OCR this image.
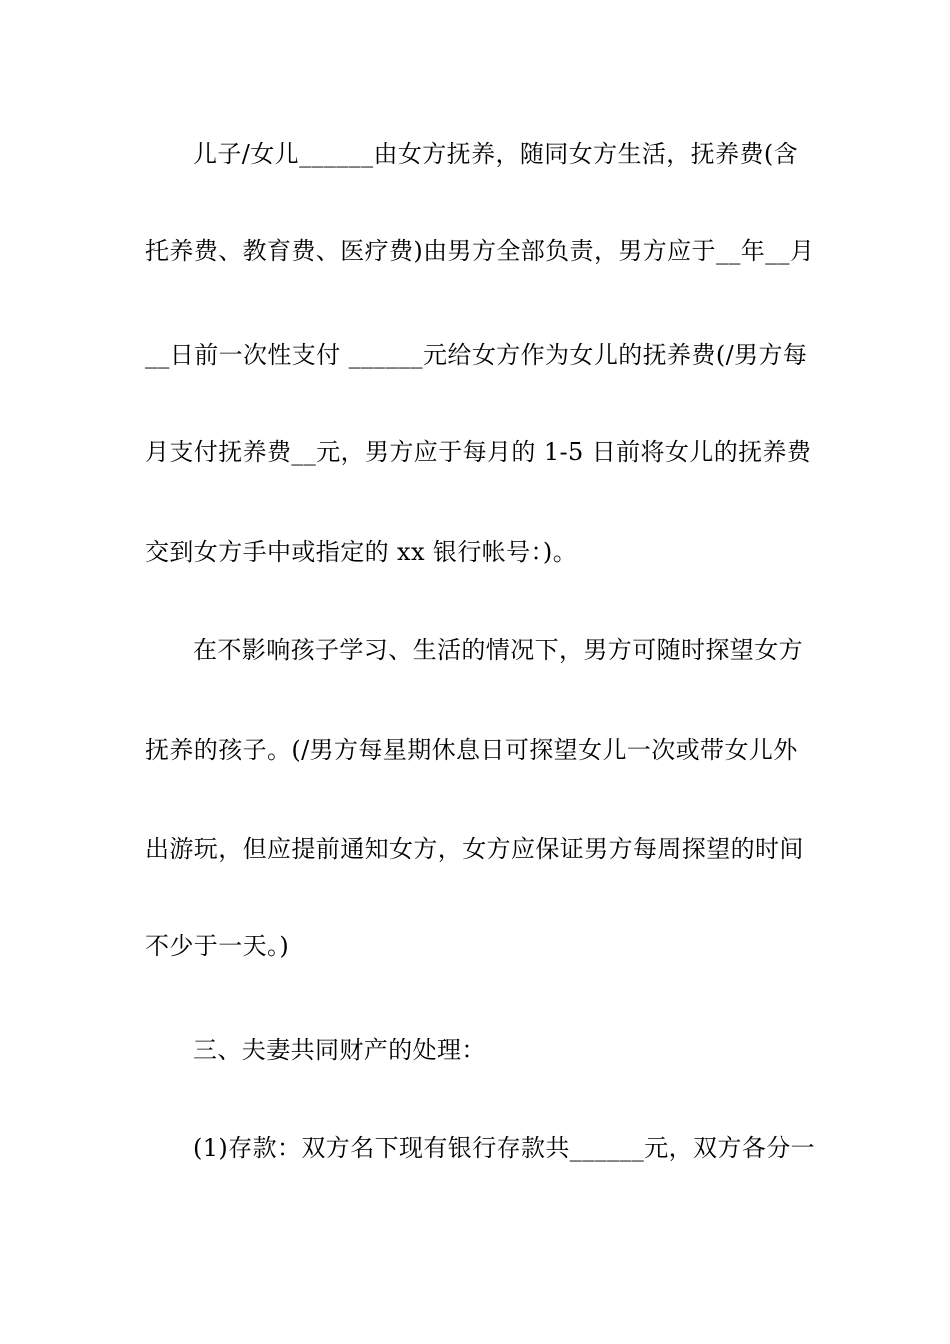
儿子/女儿______由女方抚养，随同女方生活，抚养费(含
托养费、教育费、医疗费)由男方全部负责，男方应于__年__月
__日前一次性支付 ______元给女方作为女儿的抚养费(/男方每
月支付抚养费__元，男方应于每月的 1-5 日前将女儿的抚养费
交到女方手中或指定的 xx 银行帐号：)。
在不影响孩子学习、生活的情况下，男方可随时探望女方
抚养的孩子。(/男方每星期休息日可探望女儿一次或带女儿外
出游玩，但应提前通知女方，女方应保证男方每周探望的时间
不少于一天。)
三、夫妻共同财产的处理：
(1)存款：双方名下现有银行存款共______元，双方各分一
